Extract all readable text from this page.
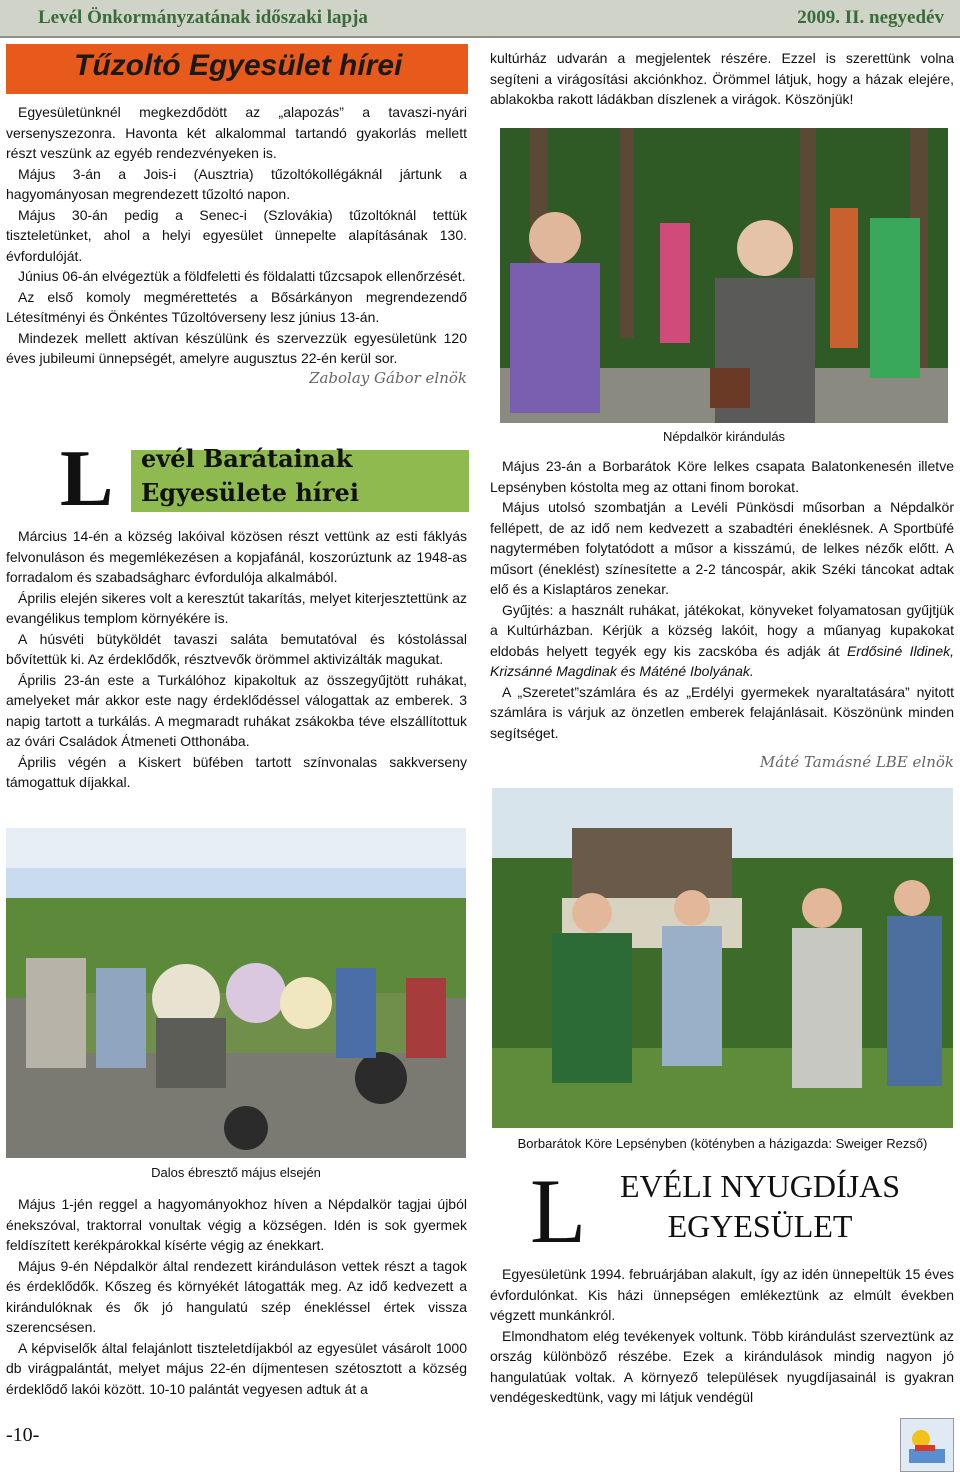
Levél Önkormányzatának időszaki lapja	2009. II. negyedév
Tűzoltó Egyesület hírei

Egyesületünknél megkezdődött az „alapozás” a tavaszi-nyári versenyszezonra. Havonta két alkalommal tartandó gyakorlás mellett részt veszünk az egyéb rendezvényeken is.

Május 3-án a Jois-i (Ausztria) tűzoltókollégáknál jártunk a hagyományosan megrendezett tűzoltó napon.

Május 30-án pedig a Senec-i (Szlovákia) tűzoltóknál tettük tiszteletünket, ahol a helyi egyesület ünnepelte alapításának 130. évfordulóját.

Június 06-án elvégeztük a földfeletti és földalatti tűzcsapok ellenőrzését.

Az első komoly megmérettetés a Bősárkányon megrendezendő Létesítményi és Önkéntes Tűzoltóverseny lesz június 13-án.

Mindezek mellett aktívan készülünk és szervezzük egyesületünk 120 éves jubileumi ünnepségét, amelyre augusztus 22-én kerül sor.

Zabolay Gábor elnök
L evél Barátainak
Egyesülete hírei

Március 14-én a község lakóival közösen részt vettünk az esti fáklyás felvonuláson és megemlékezésen a kopjafánál, koszorúztunk az 1948-as forradalom és szabadságharc évfordulója alkalmából.

Április elején sikeres volt a keresztút takarítás, melyet kiterjesztettünk az evangélikus templom környékére is.

A húsvéti bütyköldét tavaszi saláta bemutatóval és kóstolással bővítettük ki. Az érdeklődők, résztvevők örömmel aktivizálták magukat.

Április 23-án este a Turkálóhoz kipakoltuk az összegyűjtött ruhákat, amelyeket már akkor este nagy érdeklődéssel válogattak az emberek. 3 napig tartott a turkálás. A megmaradt ruhákat zsákokba téve elszállítottuk az óvári Családok Átmeneti Otthonába.

Április végén a Kiskert büfében tartott színvonalas sakkverseny támogattuk díjakkal.

Dalos ébresztő május elsején

Május 1-jén reggel a hagyományokhoz híven a Népdalkör tagjai újból énekszóval, traktorral vonultak végig a községen. Idén is sok gyermek feldíszített kerékpárokkal kísérte végig az énekkart.

Május 9-én Népdalkör által rendezett kiránduláson vettek részt a tagok és érdeklődők. Kőszeg és környékét látogatták meg. Az idő kedvezett a kirándulóknak és ők jó hangulatú szép énekléssel értek vissza szerencsésen.

A képviselők által felajánlott tiszteletdíjakból az egyesület vásárolt 1000 db virágpalántát, melyet május 22-én díjmentesen szétosztott a község érdeklődő lakói között. 10-10 palántát vegyesen adtuk át a

-10-

kultúrház udvarán a megjelentek részére. Ezzel is szerettünk volna segíteni a virágosítási akciónkhoz. Örömmel látjuk, hogy a házak elejére, ablakokba rakott ládákban díszlenek a virágok. Köszönjük!

Népdalkör kirándulás

Május 23-án a Borbarátok Köre lelkes csapata Balatonkenesén illetve Lepsényben kóstolta meg az ottani finom borokat.

Május utolsó szombatján a Levéli Pünkösdi műsorban a Népdalkör fellépett, de az idő nem kedvezett a szabadtéri éneklésnek. A Sportbüfé nagytermében folytatódott a műsor a kisszámú, de lelkes nézők előtt. A műsort (éneklést) színesítette a 2-2 táncospár, akik Széki táncokat adtak elő és a Kislaptáros zenekar.

Gyűjtés: a használt ruhákat, játékokat, könyveket folyamatosan gyűjtjük a Kultúrházban. Kérjük a község lakóit, hogy a műanyag kupakokat eldobás helyett tegyék egy kis zacskóba és adják át Erdősiné Ildinek, Krizsánné Magdinak és Máténé Ibolyának.

A „Szeretet”számlára és az „Erdélyi gyermekek nyaraltatására” nyitott számlára is várjuk az önzetlen emberek felajánlásait. Köszönünk minden segítséget.

Máté Tamásné LBE elnök
Borbarátok Köre Lepsényben (kötényben a házigazda: Sweiger Rezső)
L	EVÉLI NYUGDÍJAS
EGYESÜLET

Egyesületünk 1994. februárjában alakult, így az idén ünnepeltük 15 éves évfordulónkat. Kis házi ünnepségen emlékeztünk az elmúlt években végzett munkánkról.

Elmondhatom elég tevékenyek voltunk. Több kirándulást szerveztünk az ország különböző részébe. Ezek a kirándulások mindig nagyon jó hangulatúak voltak. A környező települések nyugdíjasainál is gyakran vendégeskedtünk, vagy mi látjuk vendégül
